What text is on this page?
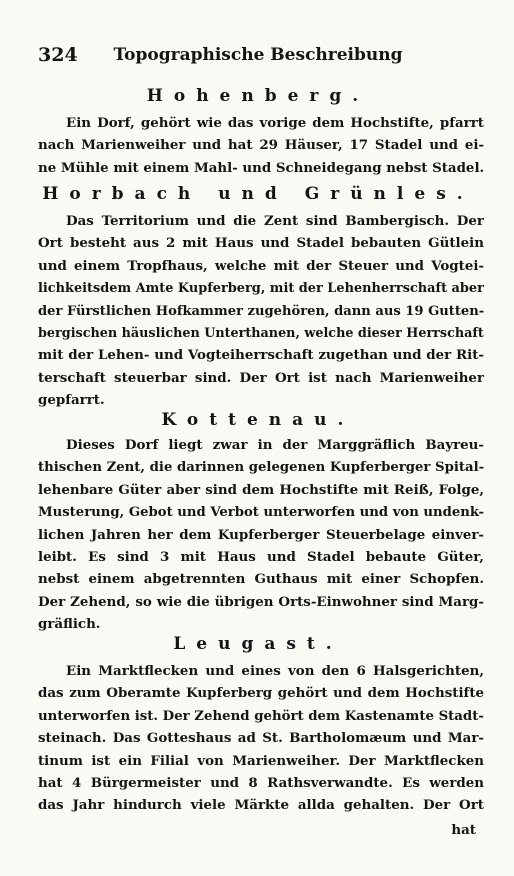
324	Topographische Beschreibung
Hohenberg.
Ein Dorf, gehört wie das vorige dem Hochstifte, pfarrt
nach Marienweiher und hat 29 Häuser, 17 Stadel und ei-
ne Mühle mit einem Mahl- und Schneidegang nebst Stadel.
Horbach und Grünles.
Das Territorium und die Zent sind Bambergisch. Der
Ort besteht aus 2 mit Haus und Stadel bebauten Gütlein
und einem Tropfhaus, welche mit der Steuer und Vogtei-
lichkeitsdem Amte Kupferberg, mit der Lehenherrschaft aber
der Fürstlichen Hofkammer zugehören, dann aus 19 Gutten-
bergischen häuslichen Unterthanen, welche dieser Herrschaft
mit der Lehen- und Vogteiherrschaft zugethan und der Rit-
terschaft steuerbar sind. Der Ort ist nach Marienweiher
gepfarrt.
Kottenau.
Dieses Dorf liegt zwar in der Marggräflich Bayreu-
thischen Zent, die darinnen gelegenen Kupferberger Spital-
lehenbare Güter aber sind dem Hochstifte mit Reiß, Folge,
Musterung, Gebot und Verbot unterworfen und von undenk-
lichen Jahren her dem Kupferberger Steuerbelage einver-
leibt. Es sind 3 mit Haus und Stadel bebaute Güter,
nebst einem abgetrennten Guthaus mit einer Schopfen.
Der Zehend, so wie die übrigen Orts-Einwohner sind Marg-
gräflich.
Leugast.
Ein Marktflecken und eines von den 6 Halsgerichten,
das zum Oberamte Kupferberg gehört und dem Hochstifte
unterworfen ist. Der Zehend gehört dem Kastenamte Stadt-
steinach. Das Gotteshaus ad St. Bartholomæum und Mar-
tinum ist ein Filial von Marienweiher. Der Marktflecken
hat 4 Bürgermeister und 8 Rathsverwandte. Es werden
das Jahr hindurch viele Märkte allda gehalten. Der Ort
hat
